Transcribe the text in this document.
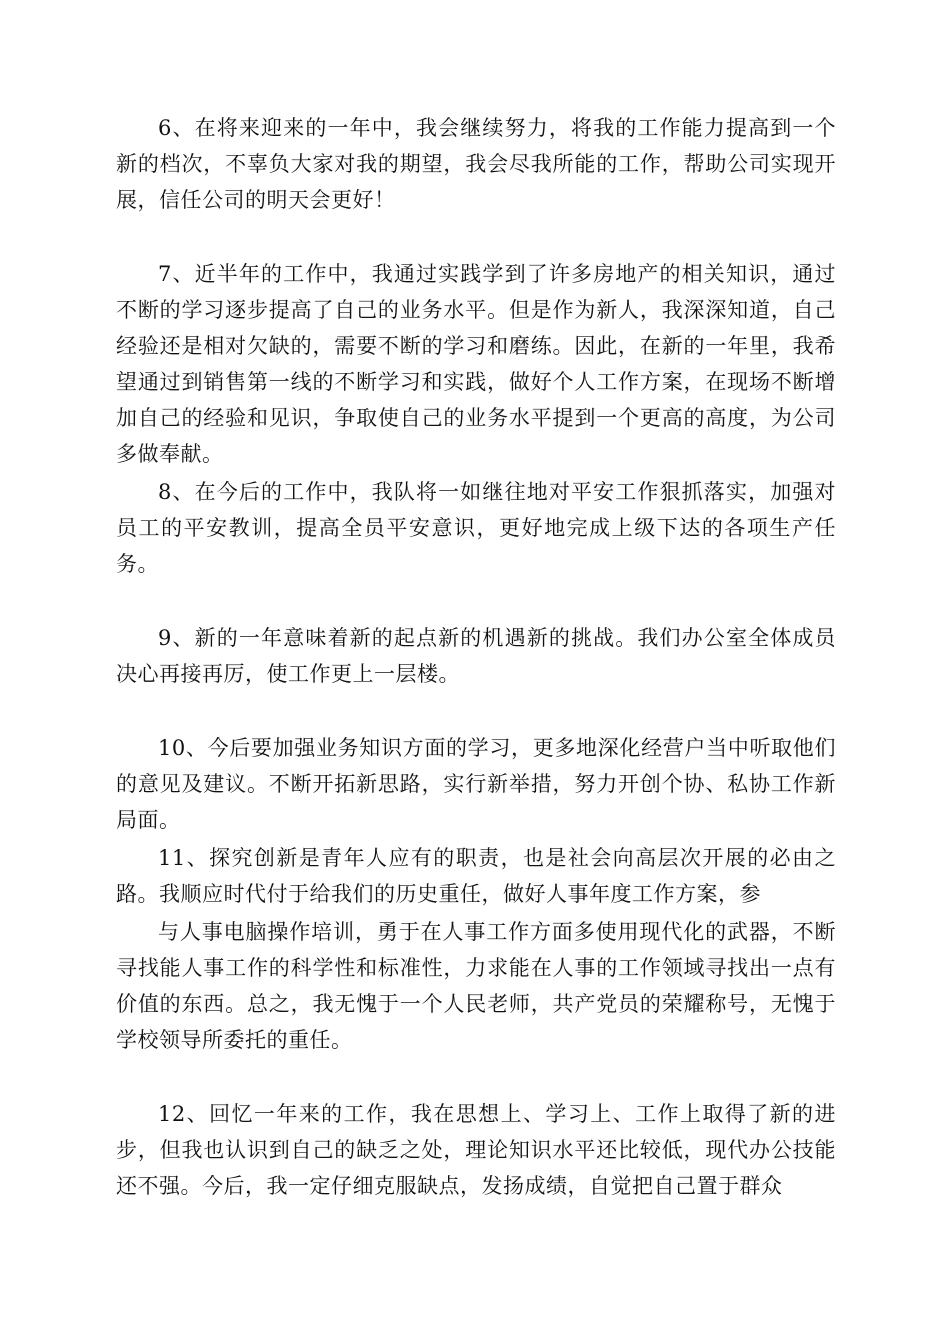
6、在将来迎来的一年中，我会继续努力，将我的工作能力提高到一个新的档次，不辜负大家对我的期望，我会尽我所能的工作，帮助公司实现开展，信任公司的明天会更好！

7、近半年的工作中，我通过实践学到了许多房地产的相关知识，通过不断的学习逐步提高了自己的业务水平。但是作为新人，我深深知道，自己经验还是相对欠缺的，需要不断的学习和磨练。因此，在新的一年里，我希望通过到销售第一线的不断学习和实践，做好个人工作方案，在现场不断增加自己的经验和见识，争取使自己的业务水平提到一个更高的高度，为公司多做奉献。

8、在今后的工作中，我队将一如继往地对平安工作狠抓落实，加强对员工的平安教训，提高全员平安意识，更好地完成上级下达的各项生产任务。

9、新的一年意味着新的起点新的机遇新的挑战。我们办公室全体成员决心再接再厉，使工作更上一层楼。

10、今后要加强业务知识方面的学习，更多地深化经营户当中听取他们的意见及建议。不断开拓新思路，实行新举措，努力开创个协、私协工作新局面。

11、探究创新是青年人应有的职责，也是社会向高层次开展的必由之路。我顺应时代付于给我们的历史重任，做好人事年度工作方案，参

与人事电脑操作培训，勇于在人事工作方面多使用现代化的武器，不断寻找能人事工作的科学性和标准性，力求能在人事的工作领域寻找出一点有价值的东西。总之，我无愧于一个人民老师，共产党员的荣耀称号，无愧于学校领导所委托的重任。

12、回忆一年来的工作，我在思想上、学习上、工作上取得了新的进步，但我也认识到自己的缺乏之处，理论知识水平还比较低，现代办公技能还不强。今后，我一定仔细克服缺点，发扬成绩，自觉把自己置于群众
